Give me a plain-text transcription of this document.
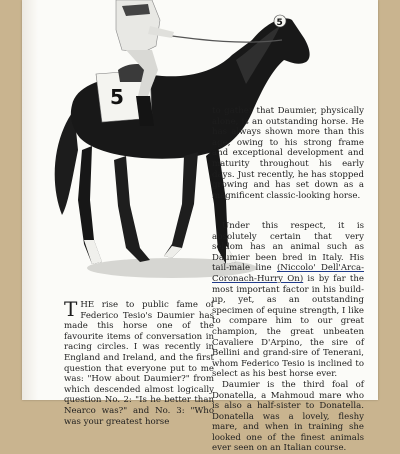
5
5

to gather that Daumier, physically alone, is an outstanding horse. He has always shown more than this age, owing to his strong frame and exceptional development and maturity throughout his early days. Just recently, he has stopped growing and has set down as a magnificent classic-looking horse.

Under this respect, it is absolutely certain that very seldom has an animal such as Daumier been bred in Italy. His tail-male line (Niccolo' Dell'Arca-Coronach-Hurry On) is by far the most important factor in his build-up, yet, as an outstanding specimen of equine strength, I like to compare him to our great champion, the great unbeaten Cavaliere D'Arpino, the sire of Bellini and grand-sire of Tenerani, whom Federico Tesio is inclined to select as his best horse ever.

Daumier is the third foal of Donatella, a Mahmoud mare who is also a half-sister to Donatella. Donatella was a lovely, fleshy mare, and when in training she looked one of the finest animals ever seen on an Italian course.

T HE rise to public fame of Federico Tesio's Daumier has made this horse one of the favourite items of conversation in racing circles. I was recently in England and Ireland, and the first question that everyone put to me was: "How about Daumier?" from which descended almost logically question No. 2: "Is he better than Nearco was?" and No. 3: "Who was your greatest horse
